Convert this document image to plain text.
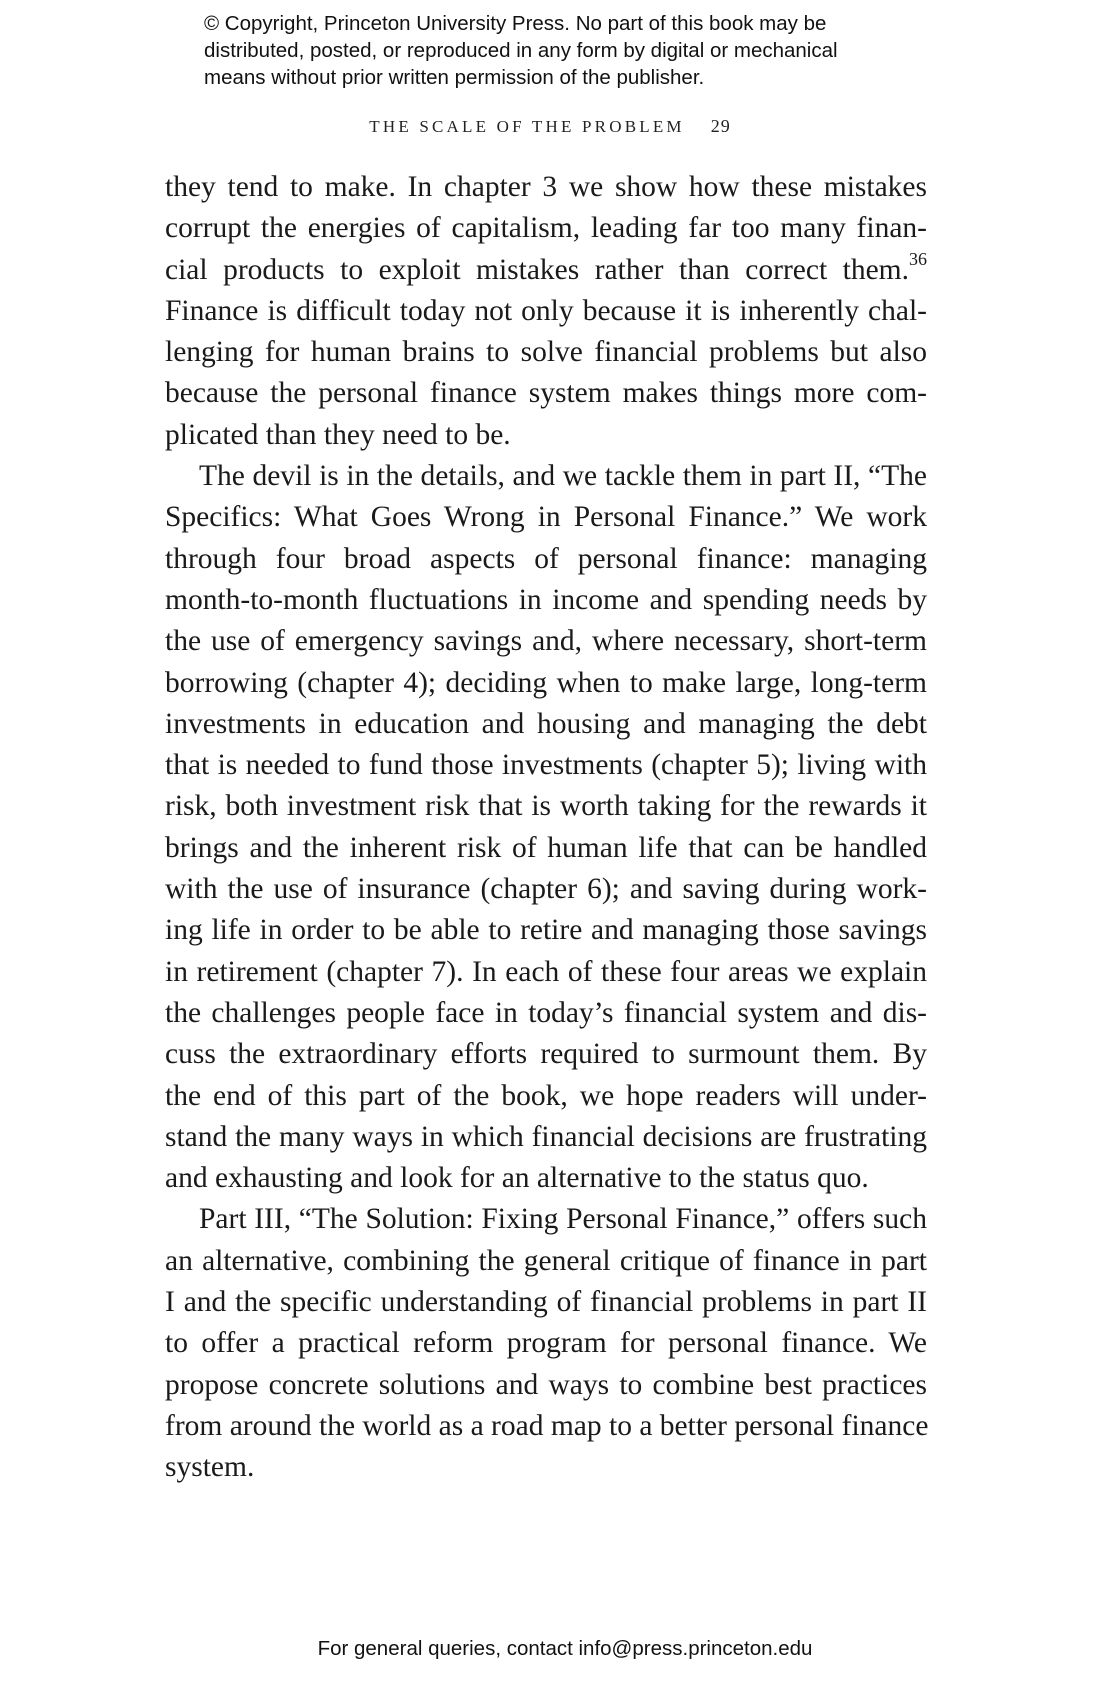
© Copyright, Princeton University Press. No part of this book may be
distributed, posted, or reproduced in any form by digital or mechanical
means without prior written permission of the publisher.
THE SCALE OF THE PROBLEM 29
they tend to make. In chapter 3 we show how these mistakes
corrupt the energies of capitalism, leading far too many finan-
cial products to exploit mistakes rather than correct them.$^{36}$
Finance is difficult today not only because it is inherently chal-
lenging for human brains to solve financial problems but also
because the personal finance system makes things more com-
plicated than they need to be.
The devil is in the details, and we tackle them in part II, “The
Specifics: What Goes Wrong in Personal Finance.” We work
through four broad aspects of personal finance: managing
month-to-month fluctuations in income and spending needs by
the use of emergency savings and, where necessary, short-term
borrowing (chapter 4); deciding when to make large, long-term
investments in education and housing and managing the debt
that is needed to fund those investments (chapter 5); living with
risk, both investment risk that is worth taking for the rewards it
brings and the inherent risk of human life that can be handled
with the use of insurance (chapter 6); and saving during work-
ing life in order to be able to retire and managing those savings
in retirement (chapter 7). In each of these four areas we explain
the challenges people face in today’s financial system and dis-
cuss the extraordinary efforts required to surmount them. By
the end of this part of the book, we hope readers will under-
stand the many ways in which financial decisions are frustrating
and exhausting and look for an alternative to the status quo.
Part III, “The Solution: Fixing Personal Finance,” offers such
an alternative, combining the general critique of finance in part
I and the specific understanding of financial problems in part II
to offer a practical reform program for personal finance. We
propose concrete solutions and ways to combine best practices
from around the world as a road map to a better personal finance
system.
For general queries, contact info@press.princeton.edu
